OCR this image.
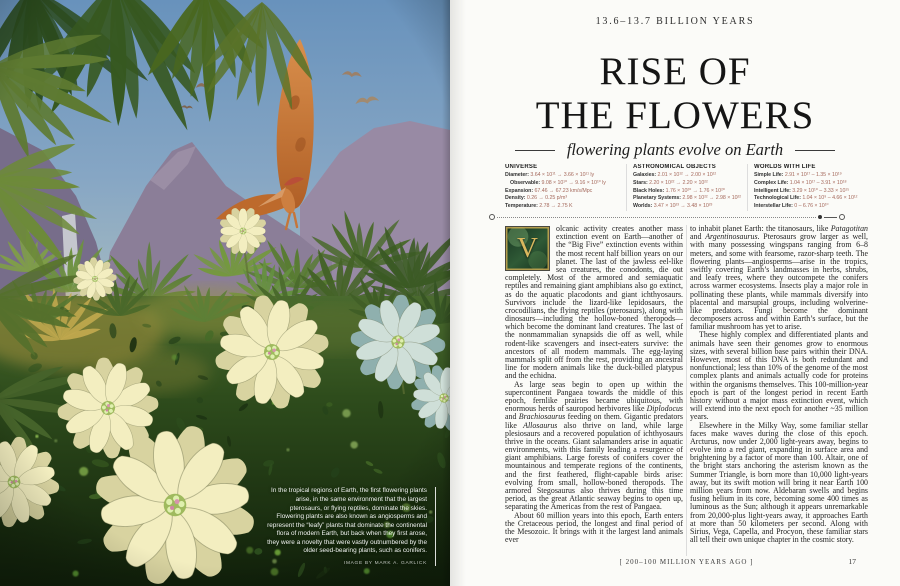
In the tropical regions of Earth, the first flowering plants arise, in the same environment that the largest pterosaurs, or flying reptiles, dominate the skies. Flowering plants are also known as angiosperms and represent the “leafy” plants that dominate the continental flora of modern Earth, but back when they first arose, they were a novelty that were vastly outnumbered by the older seed-bearing plants, such as conifers.
IMAGE BY MARK A. GARLICK
13.6–13.7 BILLION YEARS
RISE OF
THE FLOWERS
flowering plants evolve on Earth
UNIVERSE
Diameter: 3.64 × 10¹¹ → 3.66 × 10¹¹ ly
Observable: 9.08 × 10¹⁰ → 9.16 × 10¹⁰ ly
Expansion: 67.46 → 67.23 km/s/Mpc
Density: 0.26 → 0.25 p/m³
Temperature: 2.78 → 2.75 K
ASTRONOMICAL OBJECTS
Galaxies: 2.01 × 10¹² → 2.00 × 10¹²
Stars: 2.20 × 10²² → 2.20 × 10²²
Black Holes: 1.76 × 10²⁰ → 1.76 × 10²⁰
Planetary Systems: 2.98 × 10²² → 2.98 × 10²²
Worlds: 3.47 × 10²³ → 3.48 × 10²³
WORLDS WITH LIFE
Simple Life: 2.91 × 10¹⁷ – 1.35 × 10¹⁹
Complex Life: 1.04 × 10¹⁷ – 3.91 × 10¹⁸
Intelligent Life: 3.29 × 10¹⁰ – 3.33 × 10¹⁵
Technological Life: 1.04 × 10⁹ – 4.66 × 10¹²
Interstellar Life: 0 – 6.76 × 10¹⁰
V

olcanic activity creates another mass extinction event on Earth—another of the “Big Five” extinction events within the most recent half billion years on our planet. The last of the jawless eel-like sea creatures, the conodonts, die out completely. Most of the armored and semiaquatic reptiles and remaining giant amphibians also go extinct, as do the aquatic placodonts and giant ichthyosaurs. Survivors include the lizard-like lepidosaurs, the crocodilians, the flying reptiles (pterosaurs), along with dinosaurs—including the hollow-boned theropods—which become the dominant land creatures. The last of the nonmammalian synapsids die off as well, while rodent-like scavengers and insect-eaters survive: the ancestors of all modern mammals. The egg-laying mammals split off from the rest, providing an ancestral line for modern animals like the duck-billed platypus and the echidna.

As large seas begin to open up within the supercontinent Pangaea towards the middle of this epoch, fernlike prairies became ubiquitous, with enormous herds of sauropod herbivores like Diplodocus and Brachiosaurus feeding on them. Gigantic predators like Allosaurus also thrive on land, while large plesiosaurs and a recovered population of ichthyosaurs thrive in the oceans. Giant salamanders arise in aquatic environments, with this family leading a resurgence of giant amphibians. Large forests of conifers cover the mountainous and temperate regions of the continents, and the first feathered, flight-capable birds arise: evolving from small, hollow-boned theropods. The armored Stegosaurus also thrives during this time period, as the great Atlantic seaway begins to open up, separating the Americas from the rest of Pangaea.

About 60 million years into this epoch, Earth enters the Cretaceous period, the longest and final period of the Mesozoic. It brings with it the largest land animals ever

to inhabit planet Earth: the titanosaurs, like Patagotitan and Argentinosaurus. Pterosaurs grow larger as well, with many possessing wingspans ranging from 6–8 meters, and some with fearsome, razor-sharp teeth. The flowering plants—angiosperms—arise in the tropics, swiftly covering Earth’s landmasses in herbs, shrubs, and leafy trees, where they outcompete the conifers across warmer ecosystems. Insects play a major role in pollinating these plants, while mammals diversify into placental and marsupial groups, including wolverine-like predators. Fungi become the dominant decomposers across and within Earth’s surface, but the familiar mushroom has yet to arise.

These highly complex and differentiated plants and animals have seen their genomes grow to enormous sizes, with several billion base pairs within their DNA. However, most of this DNA is both redundant and nonfunctional; less than 10% of the genome of the most complex plants and animals actually code for proteins within the organisms themselves. This 100-million-year epoch is part of the longest period in recent Earth history without a major mass extinction event, which will extend into the next epoch for another ~35 million years.

Elsewhere in the Milky Way, some familiar stellar faces make waves during the close of this epoch. Arcturus, now under 2,000 light-years away, begins to evolve into a red giant, expanding in surface area and brightening by a factor of more than 100. Altair, one of the bright stars anchoring the asterism known as the Summer Triangle, is born more than 10,000 light-years away, but its swift motion will bring it near Earth 100 million years from now. Aldebaran swells and begins fusing helium in its core, becoming some 400 times as luminous as the Sun; although it appears unremarkable from 20,000-plus light-years away, it approaches Earth at more than 50 kilometers per second. Along with Sirius, Vega, Capella, and Procyon, these familiar stars all tell their own unique chapter in the cosmic story.

[ 200–100 MILLION YEARS AGO ]	17
